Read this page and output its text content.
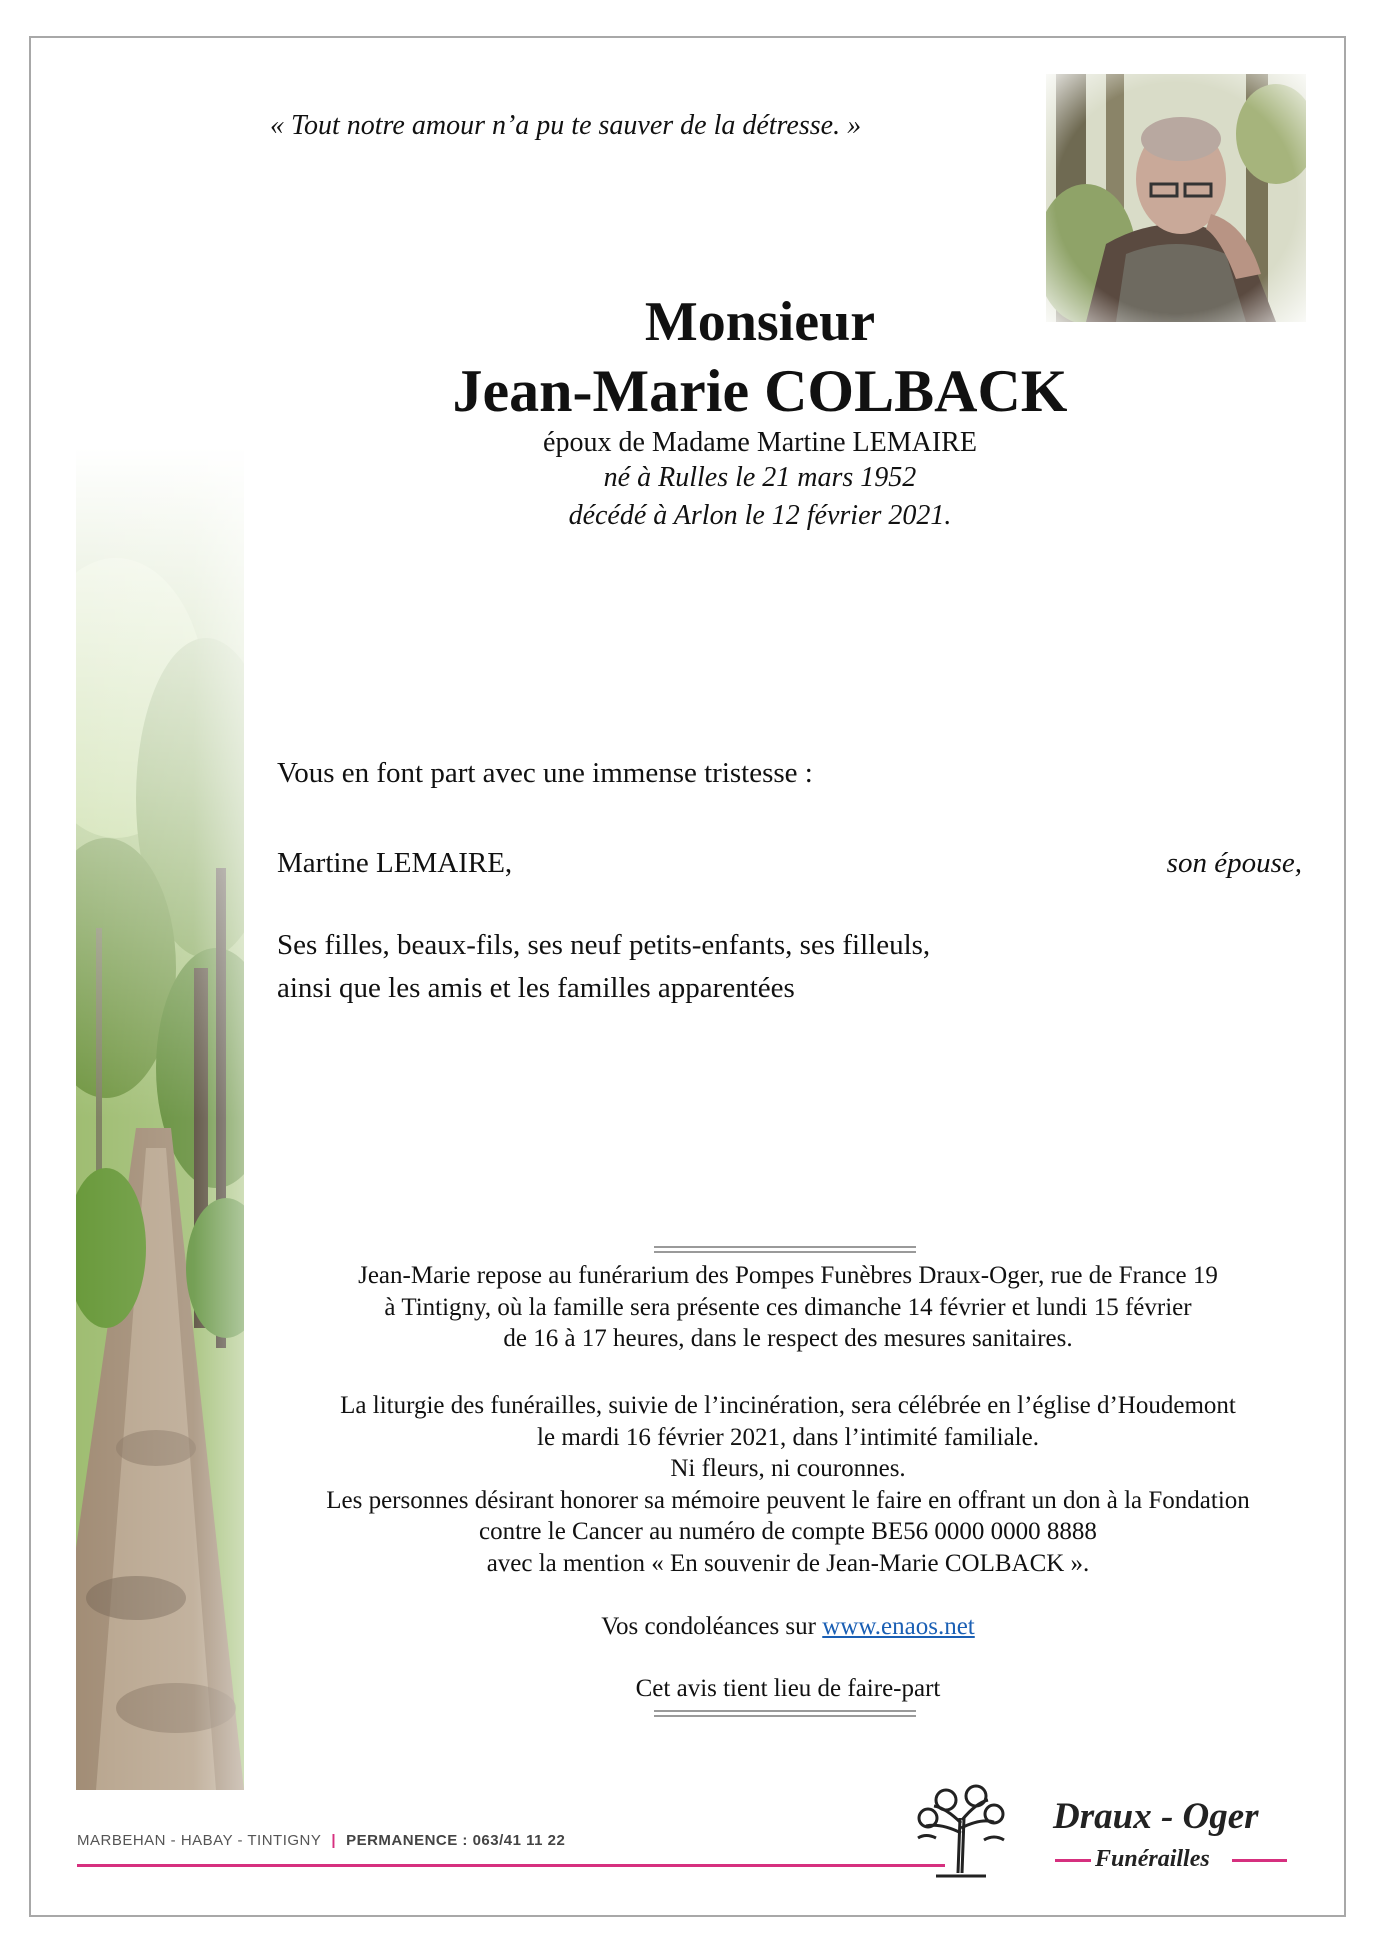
« Tout notre amour n’a pu te sauver de la détresse. »
Monsieur
Jean-Marie COLBACK
époux de Madame Martine LEMAIRE
né à Rulles le 21 mars 1952
décédé à Arlon le 12 février 2021.
Vous en font part avec une immense tristesse :
Martine LEMAIRE,	son épouse,
Ses filles, beaux-fils, ses neuf petits-enfants, ses filleuls,
ainsi que les amis et les familles apparentées
Jean-Marie repose au funérarium des Pompes Funèbres Draux-Oger, rue de France 19
à Tintigny, où la famille sera présente ces dimanche 14 février et lundi 15 février
de 16 à 17 heures, dans le respect des mesures sanitaires.
La liturgie des funérailles, suivie de l’incinération, sera célébrée en l’église d’Houdemont
le mardi 16 février 2021, dans l’intimité familiale.
Ni fleurs, ni couronnes.
Les personnes désirant honorer sa mémoire peuvent le faire en offrant un don à la Fondation
contre le Cancer au numéro de compte BE56 0000 0000 8888
avec la mention « En souvenir de Jean-Marie COLBACK ».
Vos condoléances sur www.enaos.net
Cet avis tient lieu de faire-part
MARBEHAN - HABAY - TINTIGNY | PERMANENCE : 063/41 11 22
Draux - Oger
Funérailles
